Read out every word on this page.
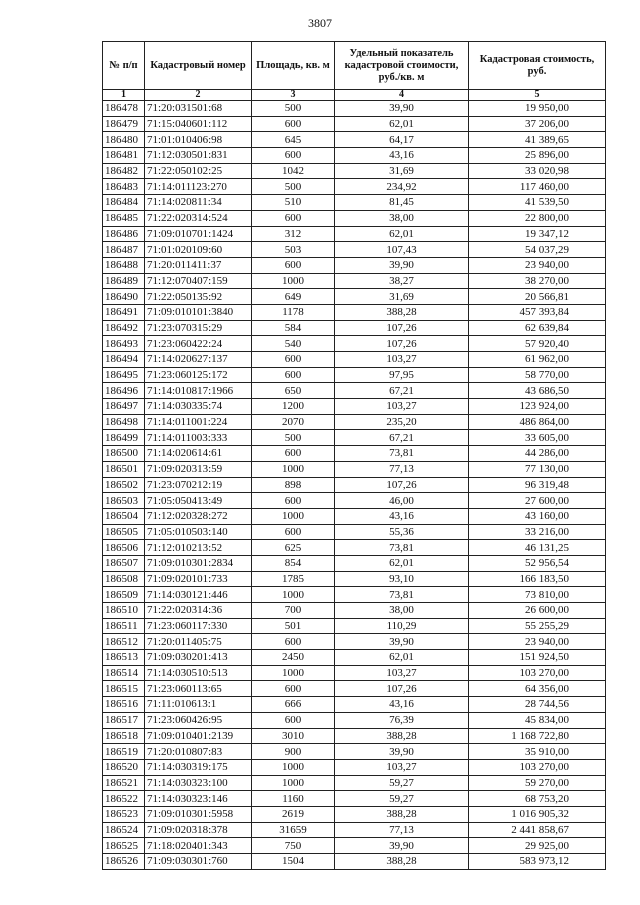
3807
№ п/п	Кадастровый номер	Площадь, кв. м	Удельный показатель кадастровой стоимости, руб./кв. м	Кадастровая стоимость, руб.
1	2	3	4	5
186478	71:20:031501:68	500	39,90	19 950,00
186479	71:15:040601:112	600	62,01	37 206,00
186480	71:01:010406:98	645	64,17	41 389,65
186481	71:12:030501:831	600	43,16	25 896,00
186482	71:22:050102:25	1042	31,69	33 020,98
186483	71:14:011123:270	500	234,92	117 460,00
186484	71:14:020811:34	510	81,45	41 539,50
186485	71:22:020314:524	600	38,00	22 800,00
186486	71:09:010701:1424	312	62,01	19 347,12
186487	71:01:020109:60	503	107,43	54 037,29
186488	71:20:011411:37	600	39,90	23 940,00
186489	71:12:070407:159	1000	38,27	38 270,00
186490	71:22:050135:92	649	31,69	20 566,81
186491	71:09:010101:3840	1178	388,28	457 393,84
186492	71:23:070315:29	584	107,26	62 639,84
186493	71:23:060422:24	540	107,26	57 920,40
186494	71:14:020627:137	600	103,27	61 962,00
186495	71:23:060125:172	600	97,95	58 770,00
186496	71:14:010817:1966	650	67,21	43 686,50
186497	71:14:030335:74	1200	103,27	123 924,00
186498	71:14:011001:224	2070	235,20	486 864,00
186499	71:14:011003:333	500	67,21	33 605,00
186500	71:14:020614:61	600	73,81	44 286,00
186501	71:09:020313:59	1000	77,13	77 130,00
186502	71:23:070212:19	898	107,26	96 319,48
186503	71:05:050413:49	600	46,00	27 600,00
186504	71:12:020328:272	1000	43,16	43 160,00
186505	71:05:010503:140	600	55,36	33 216,00
186506	71:12:010213:52	625	73,81	46 131,25
186507	71:09:010301:2834	854	62,01	52 956,54
186508	71:09:020101:733	1785	93,10	166 183,50
186509	71:14:030121:446	1000	73,81	73 810,00
186510	71:22:020314:36	700	38,00	26 600,00
186511	71:23:060117:330	501	110,29	55 255,29
186512	71:20:011405:75	600	39,90	23 940,00
186513	71:09:030201:413	2450	62,01	151 924,50
186514	71:14:030510:513	1000	103,27	103 270,00
186515	71:23:060113:65	600	107,26	64 356,00
186516	71:11:010613:1	666	43,16	28 744,56
186517	71:23:060426:95	600	76,39	45 834,00
186518	71:09:010401:2139	3010	388,28	1 168 722,80
186519	71:20:010807:83	900	39,90	35 910,00
186520	71:14:030319:175	1000	103,27	103 270,00
186521	71:14:030323:100	1000	59,27	59 270,00
186522	71:14:030323:146	1160	59,27	68 753,20
186523	71:09:010301:5958	2619	388,28	1 016 905,32
186524	71:09:020318:378	31659	77,13	2 441 858,67
186525	71:18:020401:343	750	39,90	29 925,00
186526	71:09:030301:760	1504	388,28	583 973,12
